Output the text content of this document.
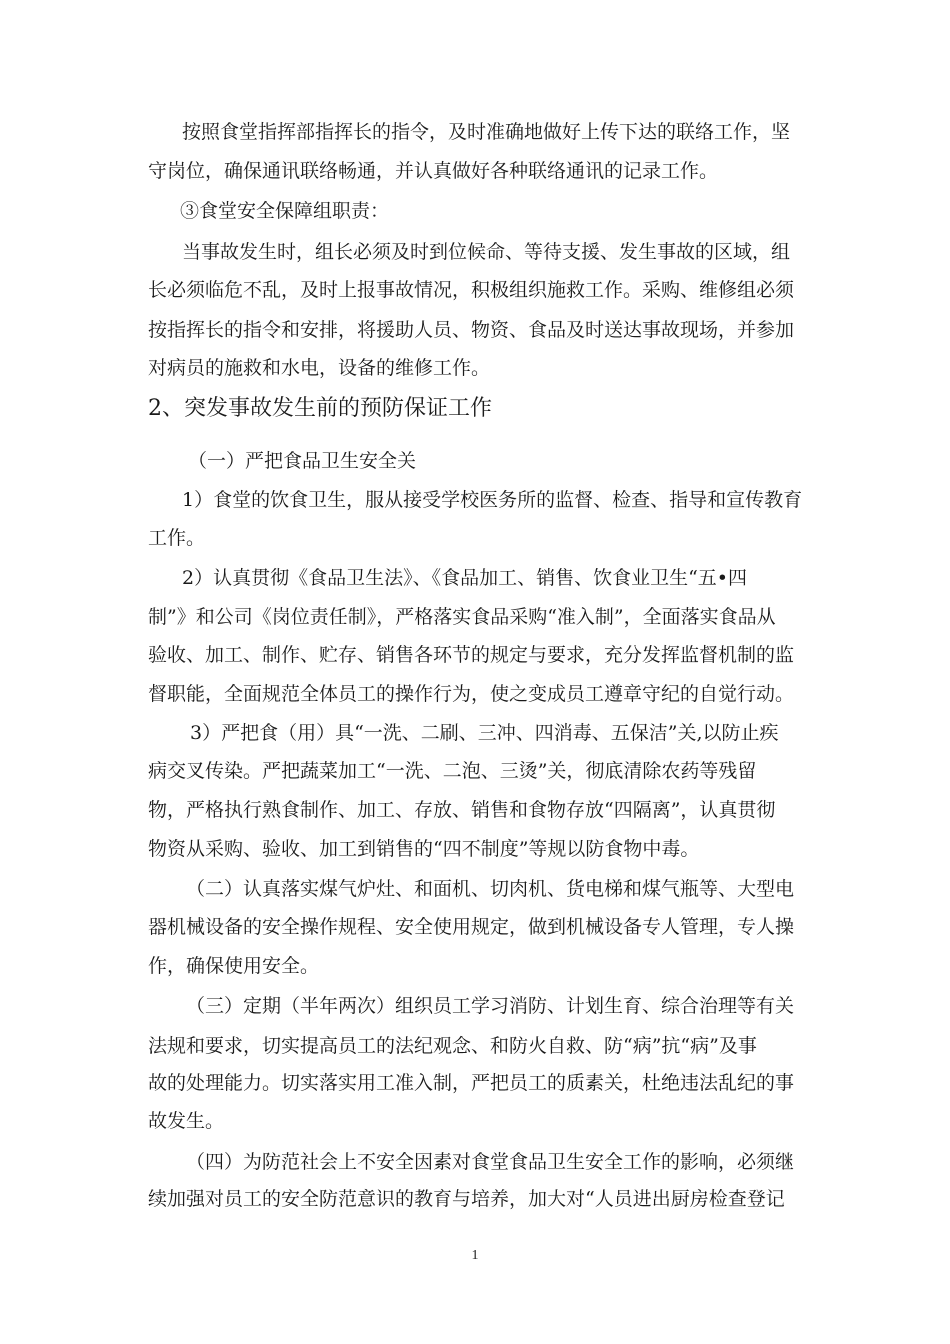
按照食堂指挥部指挥长的指令，及时准确地做好上传下达的联络工作，坚
守岗位，确保通讯联络畅通，并认真做好各种联络通讯的记录工作。
③食堂安全保障组职责：
当事故发生时，组长必须及时到位候命、等待支援、发生事故的区域，组
长必须临危不乱，及时上报事故情况，积极组织施救工作。采购、维修组必须
按指挥长的指令和安排，将援助人员、物资、食品及时送达事故现场，并参加
对病员的施救和水电，设备的维修工作。
2、突发事故发生前的预防保证工作
（一）严把食品卫生安全关
1）食堂的饮食卫生，服从接受学校医务所的监督、检查、指导和宣传教育
工作。
2）认真贯彻《食品卫生法》、《食品加工、销售、饮食业卫生“五•四
制”》和公司《岗位责任制》，严格落实食品采购“准入制”，全面落实食品从
验收、加工、制作、贮存、销售各环节的规定与要求，充分发挥监督机制的监
督职能，全面规范全体员工的操作行为，使之变成员工遵章守纪的自觉行动。
3）严把食（用）具“一洗、二刷、三冲、四消毒、五保洁”关,以防止疾
病交叉传染。严把蔬菜加工“一洗、二泡、三烫”关，彻底清除农药等残留
物，严格执行熟食制作、加工、存放、销售和食物存放“四隔离”，认真贯彻
物资从采购、验收、加工到销售的“四不制度”等规以防食物中毒。
（二）认真落实煤气炉灶、和面机、切肉机、货电梯和煤气瓶等、大型电
器机械设备的安全操作规程、安全使用规定，做到机械设备专人管理，专人操
作，确保使用安全。
（三）定期（半年两次）组织员工学习消防、计划生育、综合治理等有关
法规和要求，切实提高员工的法纪观念、和防火自救、防“病”抗“病”及事
故的处理能力。切实落实用工准入制，严把员工的质素关，杜绝违法乱纪的事
故发生。
（四）为防范社会上不安全因素对食堂食品卫生安全工作的影响，必须继
续加强对员工的安全防范意识的教育与培养，加大对“人员进出厨房检查登记
1
